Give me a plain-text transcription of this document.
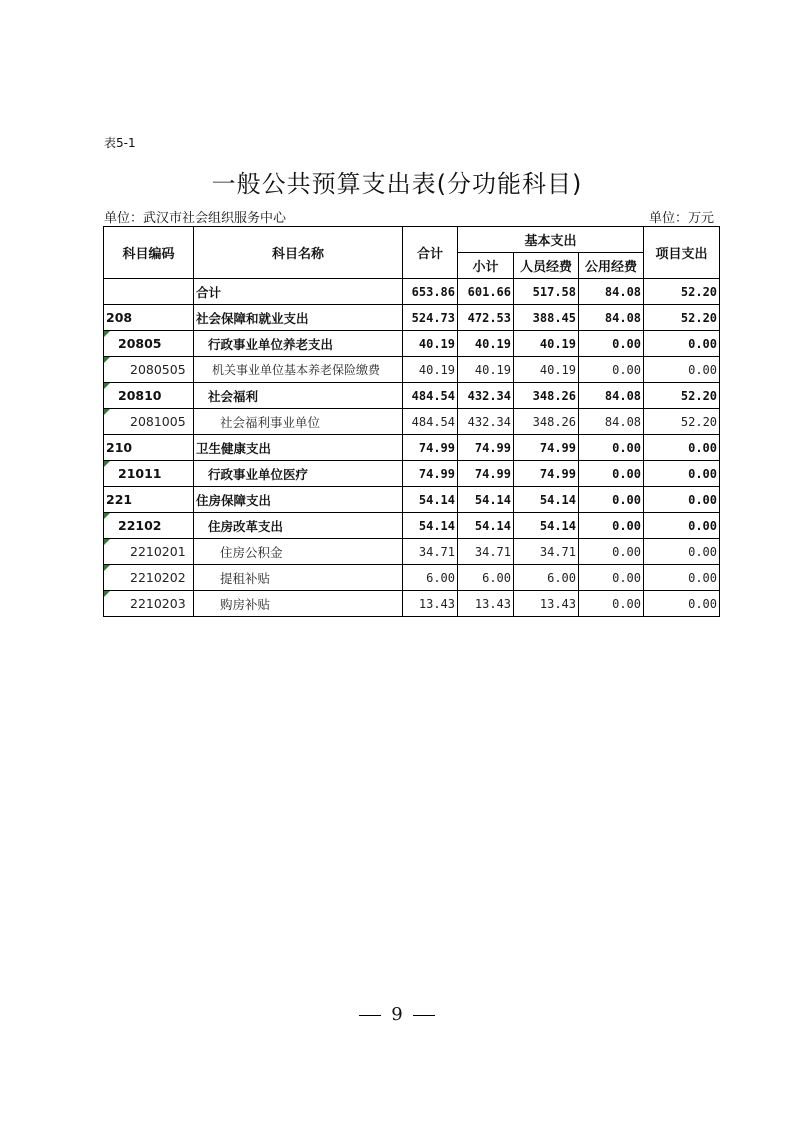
表5-1
一般公共预算支出表(分功能科目)
单位：武汉市社会组织服务中心	单位：万元
科目编码	科目名称	合计	基本支出			项目支出
			小计	人员经费	公用经费	
	合计	653.86	601.66	517.58	84.08	52.20
208	社会保障和就业支出	524.73	472.53	388.45	84.08	52.20

20805	行政事业单位养老支出	40.19	40.19	40.19	0.00	0.00

2080505	机关事业单位基本养老保险缴费	40.19	40.19	40.19	0.00	0.00

20810	社会福利	484.54	432.34	348.26	84.08	52.20

2081005	社会福利事业单位	484.54	432.34	348.26	84.08	52.20
210	卫生健康支出	74.99	74.99	74.99	0.00	0.00

21011	行政事业单位医疗	74.99	74.99	74.99	0.00	0.00
221	住房保障支出	54.14	54.14	54.14	0.00	0.00

22102	住房改革支出	54.14	54.14	54.14	0.00	0.00

2210201	住房公积金	34.71	34.71	34.71	0.00	0.00

2210202	提租补贴	6.00	6.00	6.00	0.00	0.00

2210203	购房补贴	13.43	13.43	13.43	0.00	0.00
9
